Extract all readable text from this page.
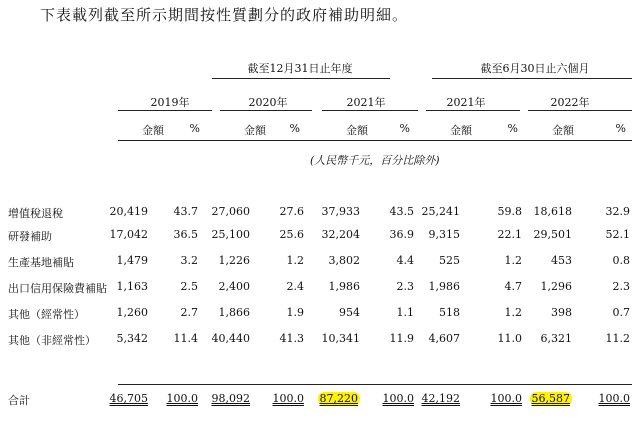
下表載列截至所示期間按性質劃分的政府補助明細。
截至12月31日止年度	截至6月30日止六個月
2019年	2020年	2021年	2021年	2022年
金額	%	金額	%	金額	%	金額	%	金額	%
(人民幣千元，百分比除外)
增值稅退稅	20,419	43.7	27,060	27.6	37,933	43.5 25,241	59.8	18,618	32.9
研發補助	17,042	36.5	25,100	25.6	32,204	36.9	9,315	22.1	29,501	52.1
生產基地補貼	1,479	3.2	1,226	1.2	3,802	4.4	525	1.2	453	0.8
出口信用保險費補貼 1,163	2.5	2,400	2.4	1,986	2.3	1,986	4.7	1,296	2.3
其他（經常性）	1,260	2.7	1,866	1.9	954	1.1	518	1.2	398	0.7
其他（非經常性）	5,342	11.4	40,440	41.3	10,341	11.9	4,607	11.0	6,321	11.2
合計	46,705	100.0	98,092	100.0	87,220	100.0 42,192	100.0 56,587	100.0
